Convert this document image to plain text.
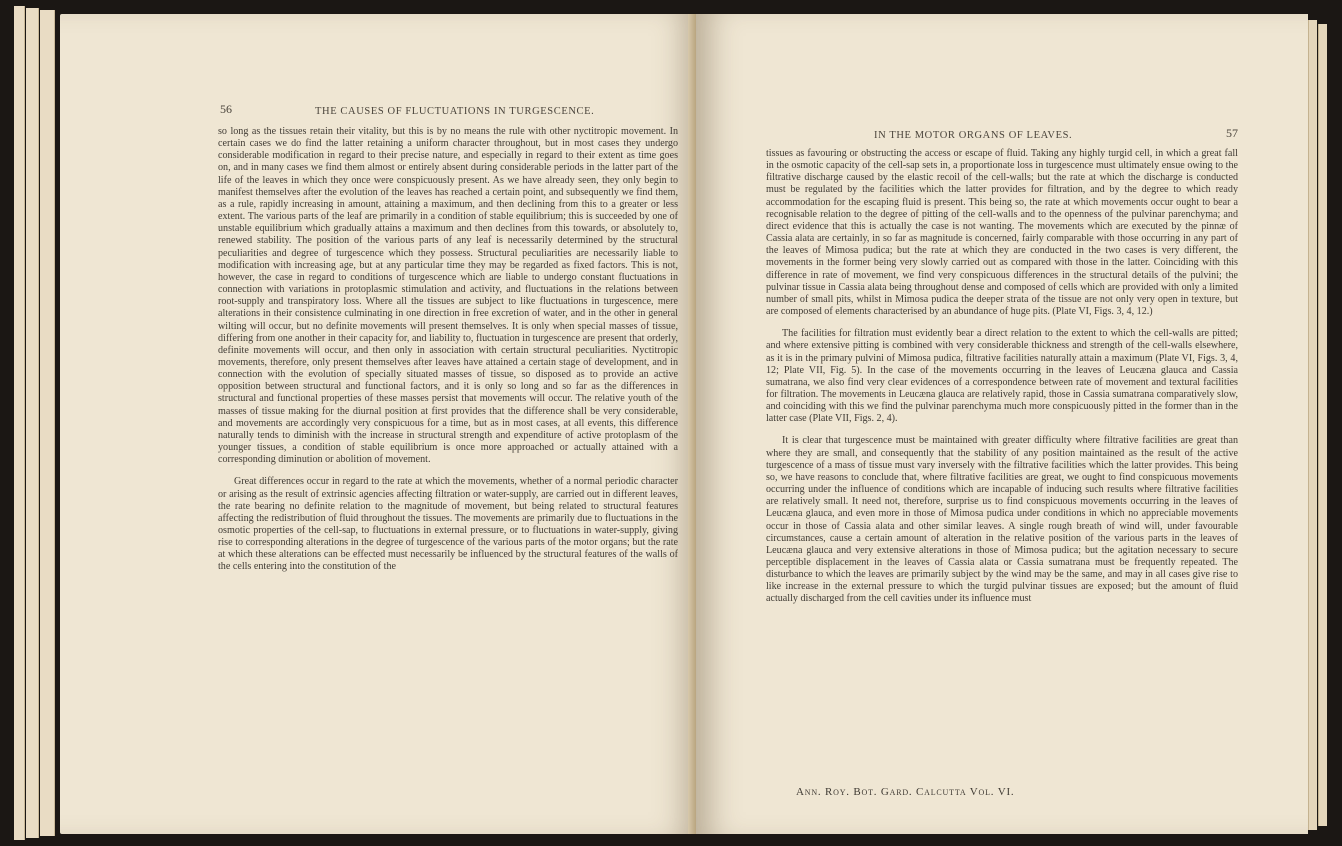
56	THE CAUSES OF FLUCTUATIONS IN TURGESCENCE.

so long as the tissues retain their vitality, but this is by no means the rule with other nyctitropic movement. In certain cases we do find the latter retaining a uniform character throughout, but in most cases they undergo considerable modification in regard to their precise nature, and especially in regard to their extent as time goes on, and in many cases we find them almost or entirely absent during considerable periods in the latter part of the life of the leaves in which they once were conspicuously present. As we have already seen, they only begin to manifest themselves after the evolution of the leaves has reached a certain point, and subsequently we find them, as a rule, rapidly increasing in amount, attaining a maximum, and then declining from this to a greater or less extent. The various parts of the leaf are primarily in a condition of stable equilibrium; this is succeeded by one of unstable equilibrium which gradually attains a maximum and then declines from this towards, or absolutely to, renewed stability. The position of the various parts of any leaf is necessarily determined by the structural peculiarities and degree of turgescence which they possess. Structural peculiarities are necessarily liable to modification with increasing age, but at any particular time they may be regarded as fixed factors. This is not, however, the case in regard to conditions of turgescence which are liable to undergo constant fluctuations in connection with variations in protoplasmic stimulation and activity, and fluctuations in the relations between root-supply and transpiratory loss. Where all the tissues are subject to like fluctuations in turgescence, mere alterations in their consistence culminating in one direction in free excretion of water, and in the other in general wilting will occur, but no definite movements will present themselves. It is only when special masses of tissue, differing from one another in their capacity for, and liability to, fluctuation in turgescence are present that orderly, definite movements will occur, and then only in association with certain structural peculiarities. Nyctitropic movements, therefore, only present themselves after leaves have attained a certain stage of development, and in connection with the evolution of specially situated masses of tissue, so disposed as to provide an active opposition between structural and functional factors, and it is only so long and so far as the differences in structural and functional properties of these masses persist that movements will occur. The relative youth of the masses of tissue making for the diurnal position at first provides that the difference shall be very considerable, and movements are accordingly very conspicuous for a time, but as in most cases, at all events, this difference naturally tends to diminish with the increase in structural strength and expenditure of active protoplasm of the younger tissues, a condition of stable equilibrium is once more approached or actually attained with a corresponding diminution or abolition of movement.

Great differences occur in regard to the rate at which the movements, whether of a normal periodic character or arising as the result of extrinsic agencies affecting filtration or water-supply, are carried out in different leaves, the rate bearing no definite relation to the magnitude of movement, but being related to structural features affecting the redistribution of fluid throughout the tissues. The movements are primarily due to fluctuations in the osmotic properties of the cell-sap, to fluctuations in external pressure, or to fluctuations in water-supply, giving rise to corresponding alterations in the degree of turgescence of the various parts of the motor organs; but the rate at which these alterations can be effected must necessarily be influenced by the structural features of the walls of the cells entering into the constitution of the

IN THE MOTOR ORGANS OF LEAVES.	57

tissues as favouring or obstructing the access or escape of fluid. Taking any highly turgid cell, in which a great fall in the osmotic capacity of the cell-sap sets in, a proportionate loss in turgescence must ultimately ensue owing to the filtrative discharge caused by the elastic recoil of the cell-walls; but the rate at which the discharge is conducted must be regulated by the facilities which the latter provides for filtration, and by the degree to which ready accommodation for the escaping fluid is present. This being so, the rate at which movements occur ought to bear a recognisable relation to the degree of pitting of the cell-walls and to the openness of the pulvinar parenchyma; and direct evidence that this is actually the case is not wanting. The movements which are executed by the pinnæ of Cassia alata are certainly, in so far as magnitude is concerned, fairly comparable with those occurring in any part of the leaves of Mimosa pudica; but the rate at which they are conducted in the two cases is very different, the movements in the former being very slowly carried out as compared with those in the latter. Coinciding with this difference in rate of movement, we find very conspicuous differences in the structural details of the pulvini; the pulvinar tissue in Cassia alata being throughout dense and composed of cells which are provided with only a limited number of small pits, whilst in Mimosa pudica the deeper strata of the tissue are not only very open in texture, but are composed of elements characterised by an abundance of huge pits. (Plate VI, Figs. 3, 4, 12.)

The facilities for filtration must evidently bear a direct relation to the extent to which the cell-walls are pitted; and where extensive pitting is combined with very considerable thickness and strength of the cell-walls elsewhere, as it is in the primary pulvini of Mimosa pudica, filtrative facilities naturally attain a maximum (Plate VI, Figs. 3, 4, 12; Plate VII, Fig. 5). In the case of the movements occurring in the leaves of Leucæna glauca and Cassia sumatrana, we also find very clear evidences of a correspondence between rate of movement and textural facilities for filtration. The movements in Leucæna glauca are relatively rapid, those in Cassia sumatrana comparatively slow, and coinciding with this we find the pulvinar parenchyma much more conspicuously pitted in the former than in the latter case (Plate VII, Figs. 2, 4).

It is clear that turgescence must be maintained with greater difficulty where filtrative facilities are great than where they are small, and consequently that the stability of any position maintained as the result of the active turgescence of a mass of tissue must vary inversely with the filtrative facilities which the latter provides. This being so, we have reasons to conclude that, where filtrative facilities are great, we ought to find conspicuous movements occurring under the influence of conditions which are incapable of inducing such results where filtrative facilities are relatively small. It need not, therefore, surprise us to find conspicuous movements occurring in the leaves of Leucæna glauca, and even more in those of Mimosa pudica under conditions in which no appreciable movements occur in those of Cassia alata and other similar leaves. A single rough breath of wind will, under favourable circumstances, cause a certain amount of alteration in the relative position of the various parts in the leaves of Leucæna glauca and very extensive alterations in those of Mimosa pudica; but the agitation necessary to secure perceptible displacement in the leaves of Cassia alata or Cassia sumatrana must be frequently repeated. The disturbance to which the leaves are primarily subject by the wind may be the same, and may in all cases give rise to like increase in the external pressure to which the turgid pulvinar tissues are exposed; but the amount of fluid actually discharged from the cell cavities under its influence must

Ann. Roy. Bot. Gard. Calcutta Vol. VI.
